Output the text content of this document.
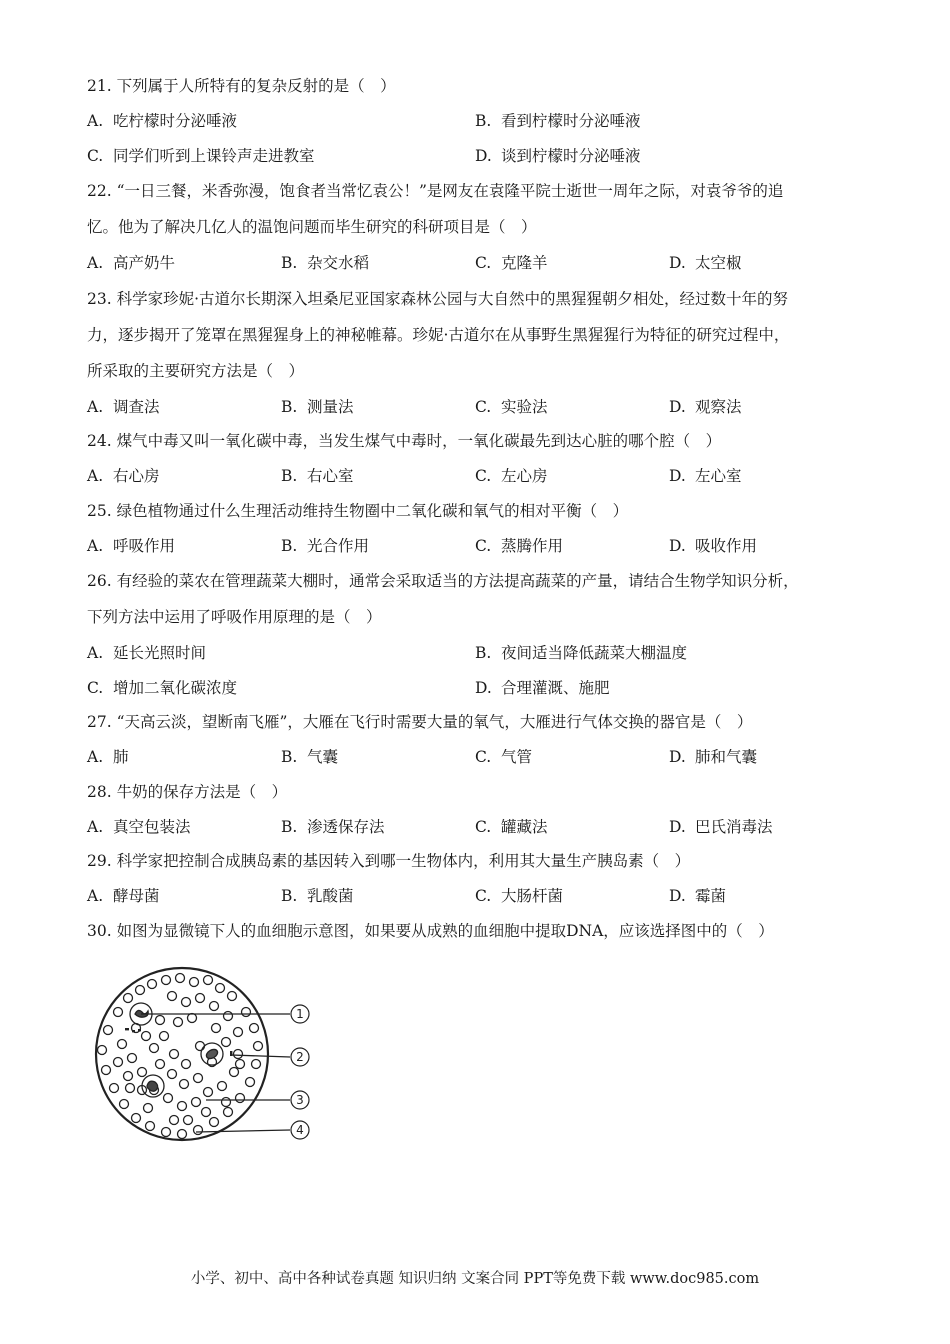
21. 下列属于人所特有的复杂反射的是（　）
A. 吃柠檬时分泌唾液	B. 看到柠檬时分泌唾液
C. 同学们听到上课铃声走进教室	D. 谈到柠檬时分泌唾液
22. “一日三餐，米香弥漫，饱食者当常忆袁公！”是网友在袁隆平院士逝世一周年之际，对袁爷爷的追
忆。他为了解决几亿人的温饱问题而毕生研究的科研项目是（　）
A. 高产奶牛	B. 杂交水稻	C. 克隆羊	D. 太空椒
23. 科学家珍妮·古道尔长期深入坦桑尼亚国家森林公园与大自然中的黑猩猩朝夕相处，经过数十年的努
力，逐步揭开了笼罩在黑猩猩身上的神秘帷幕。珍妮·古道尔在从事野生黑猩猩行为特征的研究过程中，
所采取的主要研究方法是（　）
A. 调查法	B. 测量法	C. 实验法	D. 观察法
24. 煤气中毒又叫一氧化碳中毒，当发生煤气中毒时，一氧化碳最先到达心脏的哪个腔（　）
A. 右心房	B. 右心室	C. 左心房	D. 左心室
25. 绿色植物通过什么生理活动维持生物圈中二氧化碳和氧气的相对平衡（　）
A. 呼吸作用	B. 光合作用	C. 蒸腾作用	D. 吸收作用
26. 有经验的菜农在管理蔬菜大棚时，通常会采取适当的方法提高蔬菜的产量，请结合生物学知识分析，
下列方法中运用了呼吸作用原理的是（　）
A. 延长光照时间	B. 夜间适当降低蔬菜大棚温度
C. 增加二氧化碳浓度	D. 合理灌溉、施肥
27. “天高云淡，望断南飞雁”，大雁在飞行时需要大量的氧气，大雁进行气体交换的器官是（　）
A. 肺	B. 气囊	C. 气管	D. 肺和气囊
28. 牛奶的保存方法是（　）
A. 真空包装法	B. 渗透保存法	C. 罐藏法	D. 巴氏消毒法
29. 科学家把控制合成胰岛素的基因转入到哪一生物体内，利用其大量生产胰岛素（　）
A. 酵母菌	B. 乳酸菌	C. 大肠杆菌	D. 霉菌
30. 如图为显微镜下人的血细胞示意图，如果要从成熟的血细胞中提取DNA，应该选择图中的（　）
1
2
3
4
小学、初中、高中各种试卷真题 知识归纳 文案合同 PPT等免费下载 www.doc985.com
